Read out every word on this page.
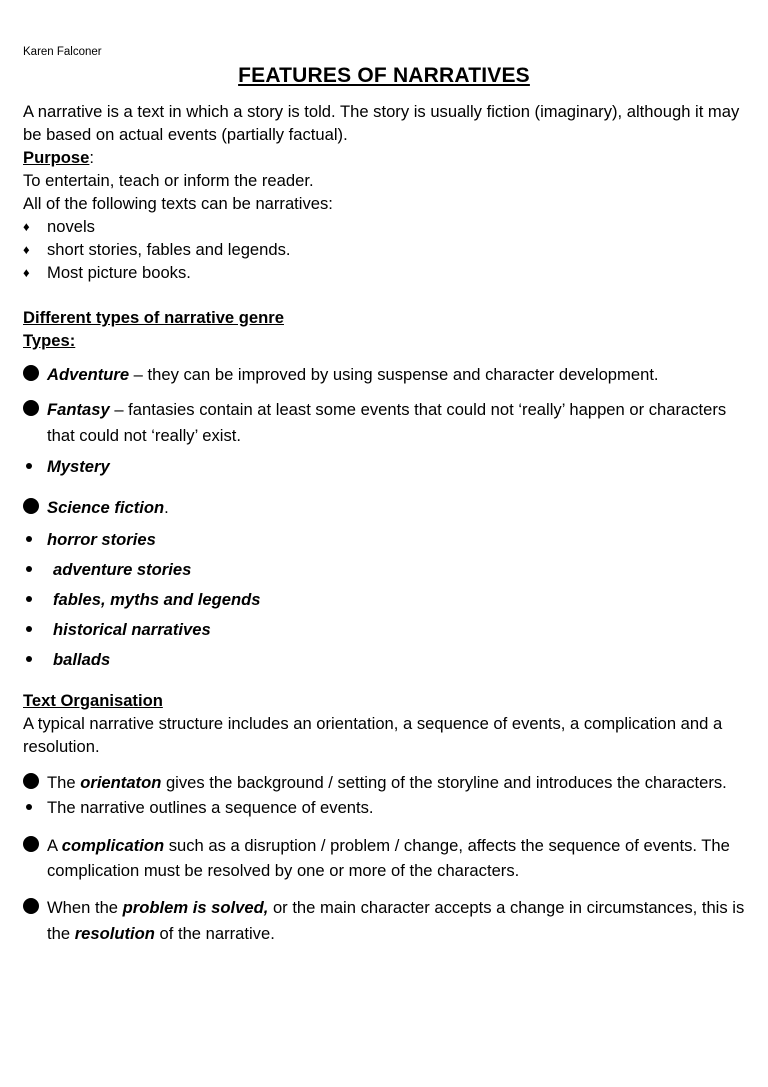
Karen Falconer
FEATURES OF NARRATIVES

A narrative is a text in which a story is told. The story is usually fiction (imaginary), although it may be based on actual events (partially factual).

Purpose:

To entertain, teach or inform the reader.

All of the following texts can be narratives:

♦	novels
♦	short stories, fables and legends.
♦	Most picture books.

Different types of narrative genre

Types:

Adventure – they can be improved by using suspense and character development.
Fantasy – fantasies contain at least some events that could not ‘really’ happen or characters that could not ‘really’ exist.
Mystery
Science fiction.
horror stories
adventure stories
fables, myths and legends
historical narratives
ballads

Text Organisation

A typical narrative structure includes an orientation, a sequence of events, a complication and a resolution.

The orientaton gives the background / setting of the storyline and introduces the characters.
The narrative outlines a sequence of events.
A complication such as a disruption / problem / change, affects the sequence of events. The complication must be resolved by one or more of the characters.
When the problem is solved, or the main character accepts a change in circumstances, this is the resolution of the narrative.
